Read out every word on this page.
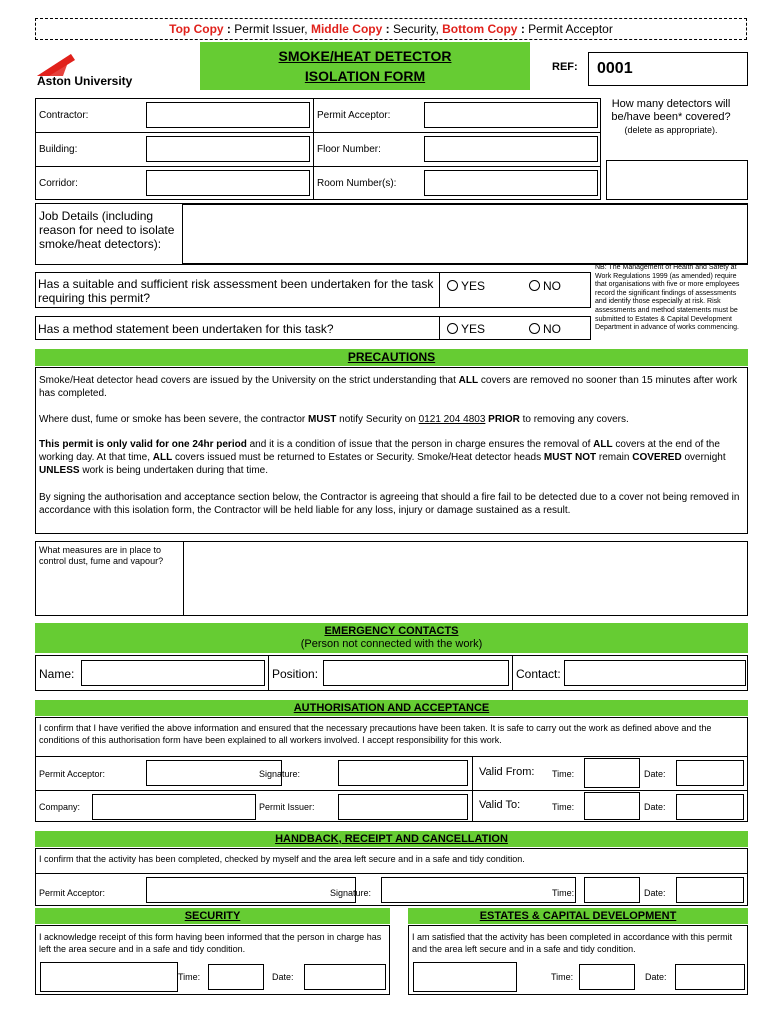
Top Copy : Permit Issuer, Middle Copy : Security, Bottom Copy : Permit Acceptor
Aston University
SMOKE/HEAT DETECTOR
ISOLATION FORM
REF: 0001
How many detectors will be/have been* covered? (delete as appropriate).
Contractor:	Permit Acceptor:
Building:	Floor Number:
Corridor:	Room Number(s):
Job Details (including reason for need to isolate smoke/heat detectors):
Has a suitable and sufficient risk assessment been undertaken for the task requiring this permit?
YES	NO
Has a method statement been undertaken for this task?	YES	NO
NB: The Management of Health and Safety at Work Regulations 1999 (as amended) require that organisations with five or more employees record the significant findings of assessments and identify those especially at risk. Risk assessments and method statements must be submitted to Estates & Capital Development Department in advance of works commencing.
PRECAUTIONS
Smoke/Heat detector head covers are issued by the University on the strict understanding that ALL covers are removed no sooner than 15 minutes after work has completed.
Where dust, fume or smoke has been severe, the contractor MUST notify Security on 0121 204 4803 PRIOR to removing any covers.
This permit is only valid for one 24hr period and it is a condition of issue that the person in charge ensures the removal of ALL covers at the end of the working day. At that time, ALL covers issued must be returned to Estates or Security. Smoke/Heat detector heads MUST NOT remain COVERED overnight UNLESS work is being undertaken during that time.
By signing the authorisation and acceptance section below, the Contractor is agreeing that should a fire fail to be detected due to a cover not being removed in accordance with this isolation form, the Contractor will be held liable for any loss, injury or damage sustained as a result.
What measures are in place to control dust, fume and vapour?
EMERGENCY CONTACTS
(Person not connected with the work)
Name:	Position:	Contact:
AUTHORISATION AND ACCEPTANCE
I confirm that I have verified the above information and ensured that the necessary precautions have been taken. It is safe to carry out the work as defined above and the conditions of this authorisation form have been explained to all workers involved. I accept responsibility for this work.
Permit Acceptor:	Signature:	Valid From: Time:	Date:
Company:	Permit Issuer:	Valid To:	Time:	Date:
HANDBACK, RECEIPT AND CANCELLATION
I confirm that the activity has been completed, checked by myself and the area left secure and in a safe and tidy condition.
Permit Acceptor:	Signature:	Time:	Date:
SECURITY
I acknowledge receipt of this form having been informed that the person in charge has left the area secure and in a safe and tidy condition.
Time:	Date:
ESTATES & CAPITAL DEVELOPMENT
I am satisfied that the activity has been completed in accordance with this permit and the area left secure and in a safe and tidy condition.
Time:	Date:
